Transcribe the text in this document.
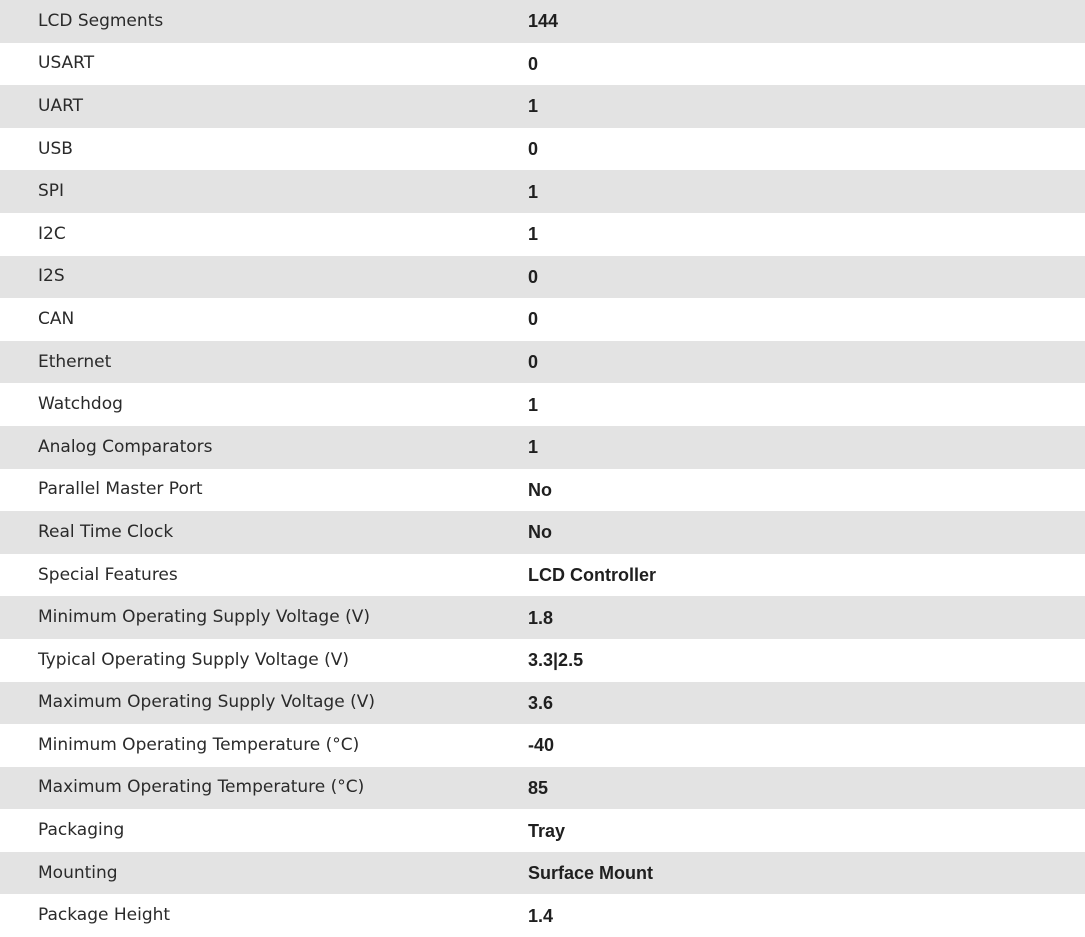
LCD Segments	144
USART	0
UART	1
USB	0
SPI	1
I2C	1
I2S	0
CAN	0
Ethernet	0
Watchdog	1
Analog Comparators	1
Parallel Master Port	No
Real Time Clock	No
Special Features	LCD Controller
Minimum Operating Supply Voltage (V)	1.8
Typical Operating Supply Voltage (V)	3.3|2.5
Maximum Operating Supply Voltage (V)	3.6
Minimum Operating Temperature (°C)	-40
Maximum Operating Temperature (°C)	85
Packaging	Tray
Mounting	Surface Mount
Package Height	1.4
